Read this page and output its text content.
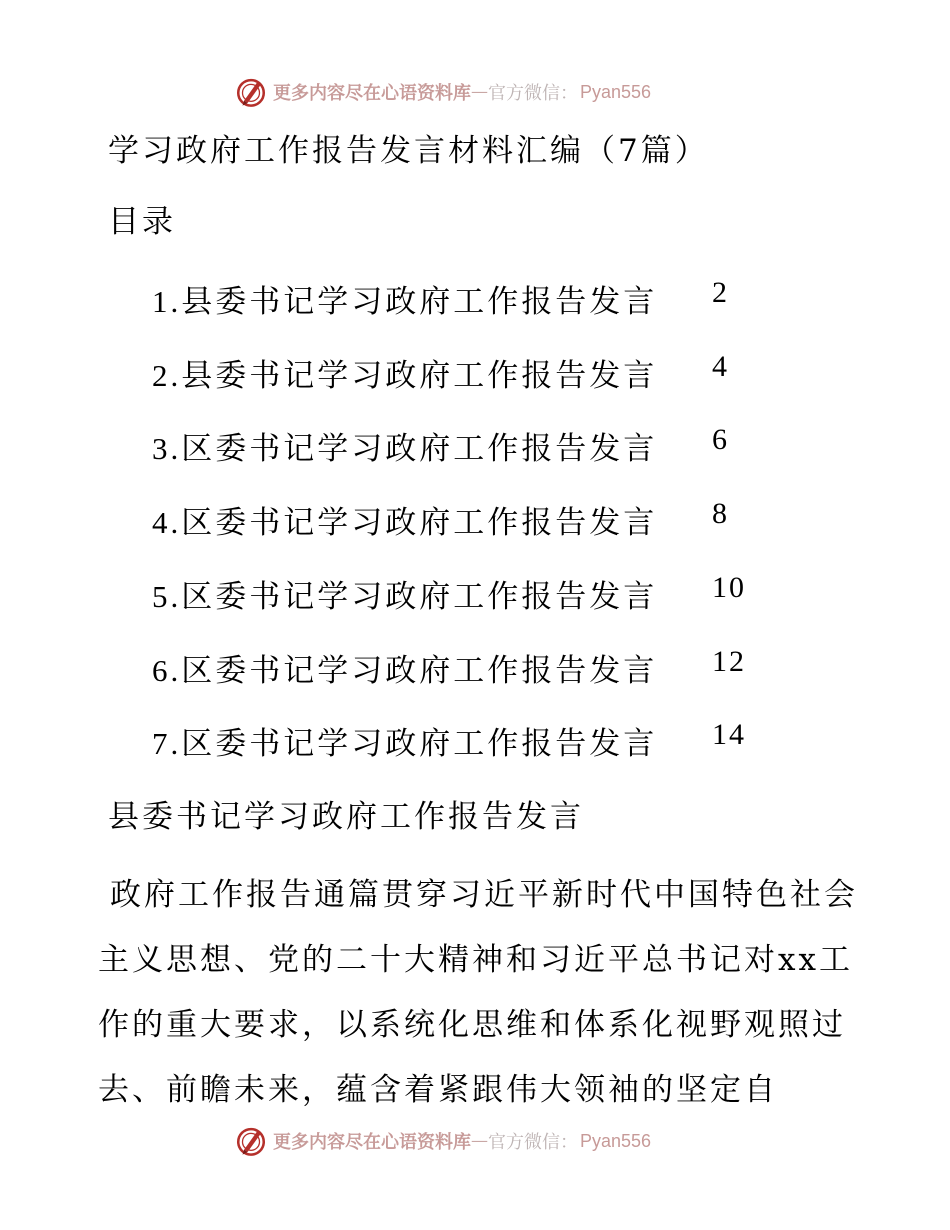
更多内容尽在心语资料库 — 官方微信： Pyan556
学习政府工作报告发言材料汇编（7篇）
目录
1.县委书记学习政府工作报告发言 2
2.县委书记学习政府工作报告发言 4
3.区委书记学习政府工作报告发言 6
4.区委书记学习政府工作报告发言 8
5.区委书记学习政府工作报告发言 10
6.区委书记学习政府工作报告发言 12
7.区委书记学习政府工作报告发言 14
县委书记学习政府工作报告发言
政府工作报告通篇贯穿习近平新时代中国特色社会主义思想、党的二十大精神和习近平总书记对xx工作的重大要求，以系统化思维和体系化视野观照过去、前瞻未来，蕴含着紧跟伟大领袖的坚定自
更多内容尽在心语资料库 — 官方微信： Pyan556
